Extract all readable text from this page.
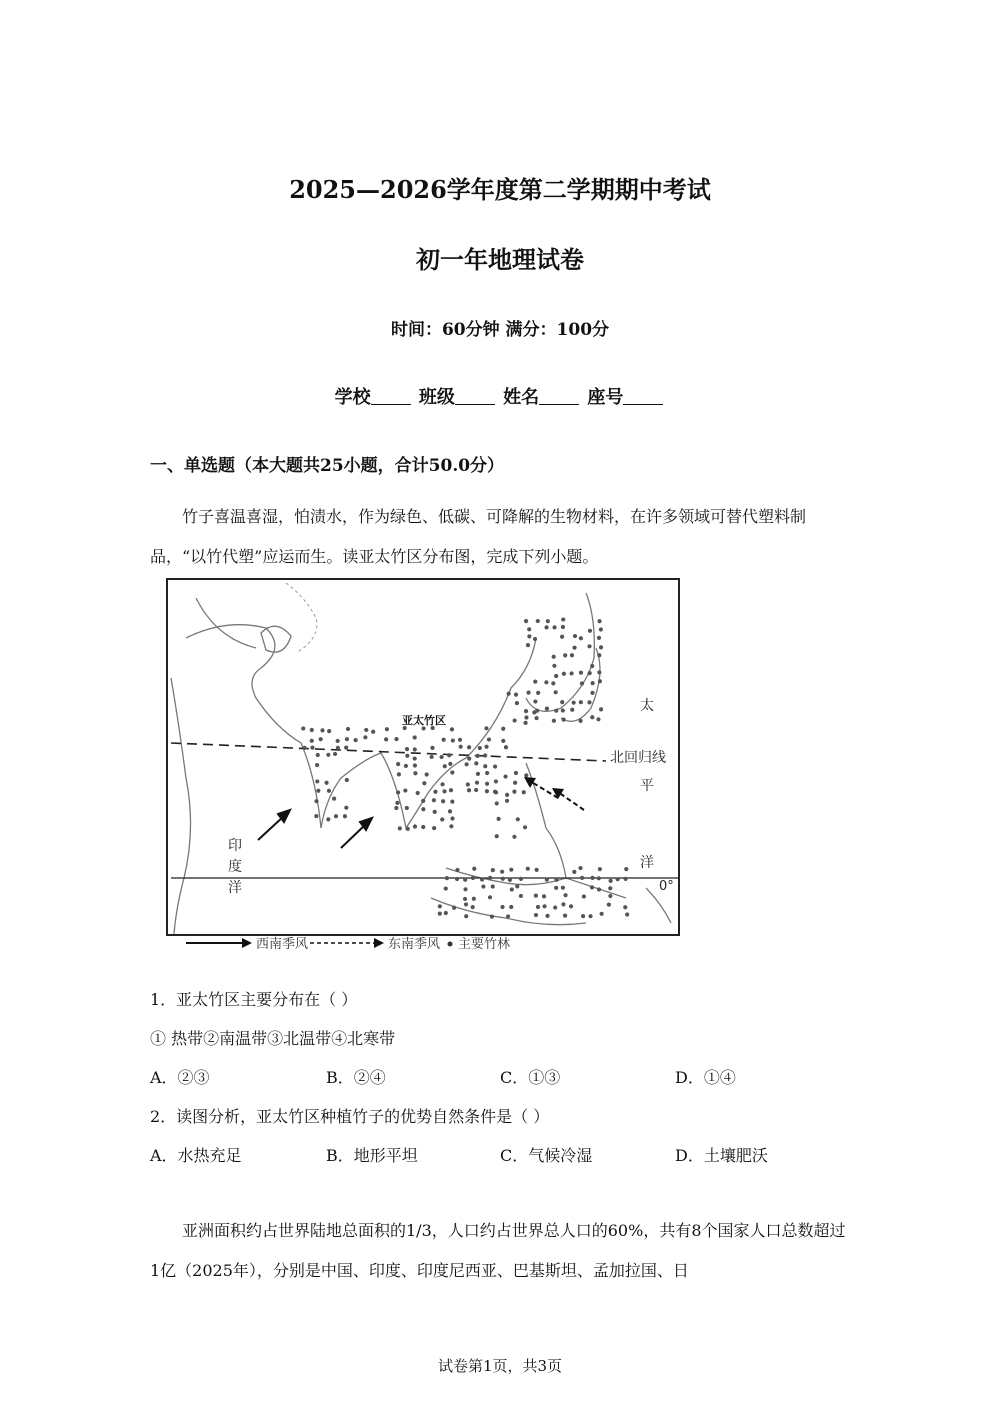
2025—2026学年度第二学期期中考试
初一年地理试卷
时间：60分钟 满分：100分
学校	班级	姓名	座号
一、单选题（本大题共25小题，合计50.0分）
竹子喜温喜湿，怕渍水，作为绿色、低碳、可降解的生物材料，在许多领域可替代塑料制品，“以竹代塑”应运而生。读亚太竹区分布图，完成下列小题。
亚太竹区
北回归线
太
平
洋
印
度
洋	0°
西南季风	东南季风 主要竹林
1．亚太竹区主要分布在（ ）
① 热带②南温带③北温带④北寒带
A．②③	B．②④	C．①③	D．①④
2．读图分析，亚太竹区种植竹子的优势自然条件是（ ）
A．水热充足	B．地形平坦	C．气候冷湿	D．土壤肥沃
亚洲面积约占世界陆地总面积的1/3，人口约占世界总人口的60%，共有8个国家人口总数超过1亿（2025年），分别是中国、印度、印度尼西亚、巴基斯坦、孟加拉国、日
试卷第1页，共3页
